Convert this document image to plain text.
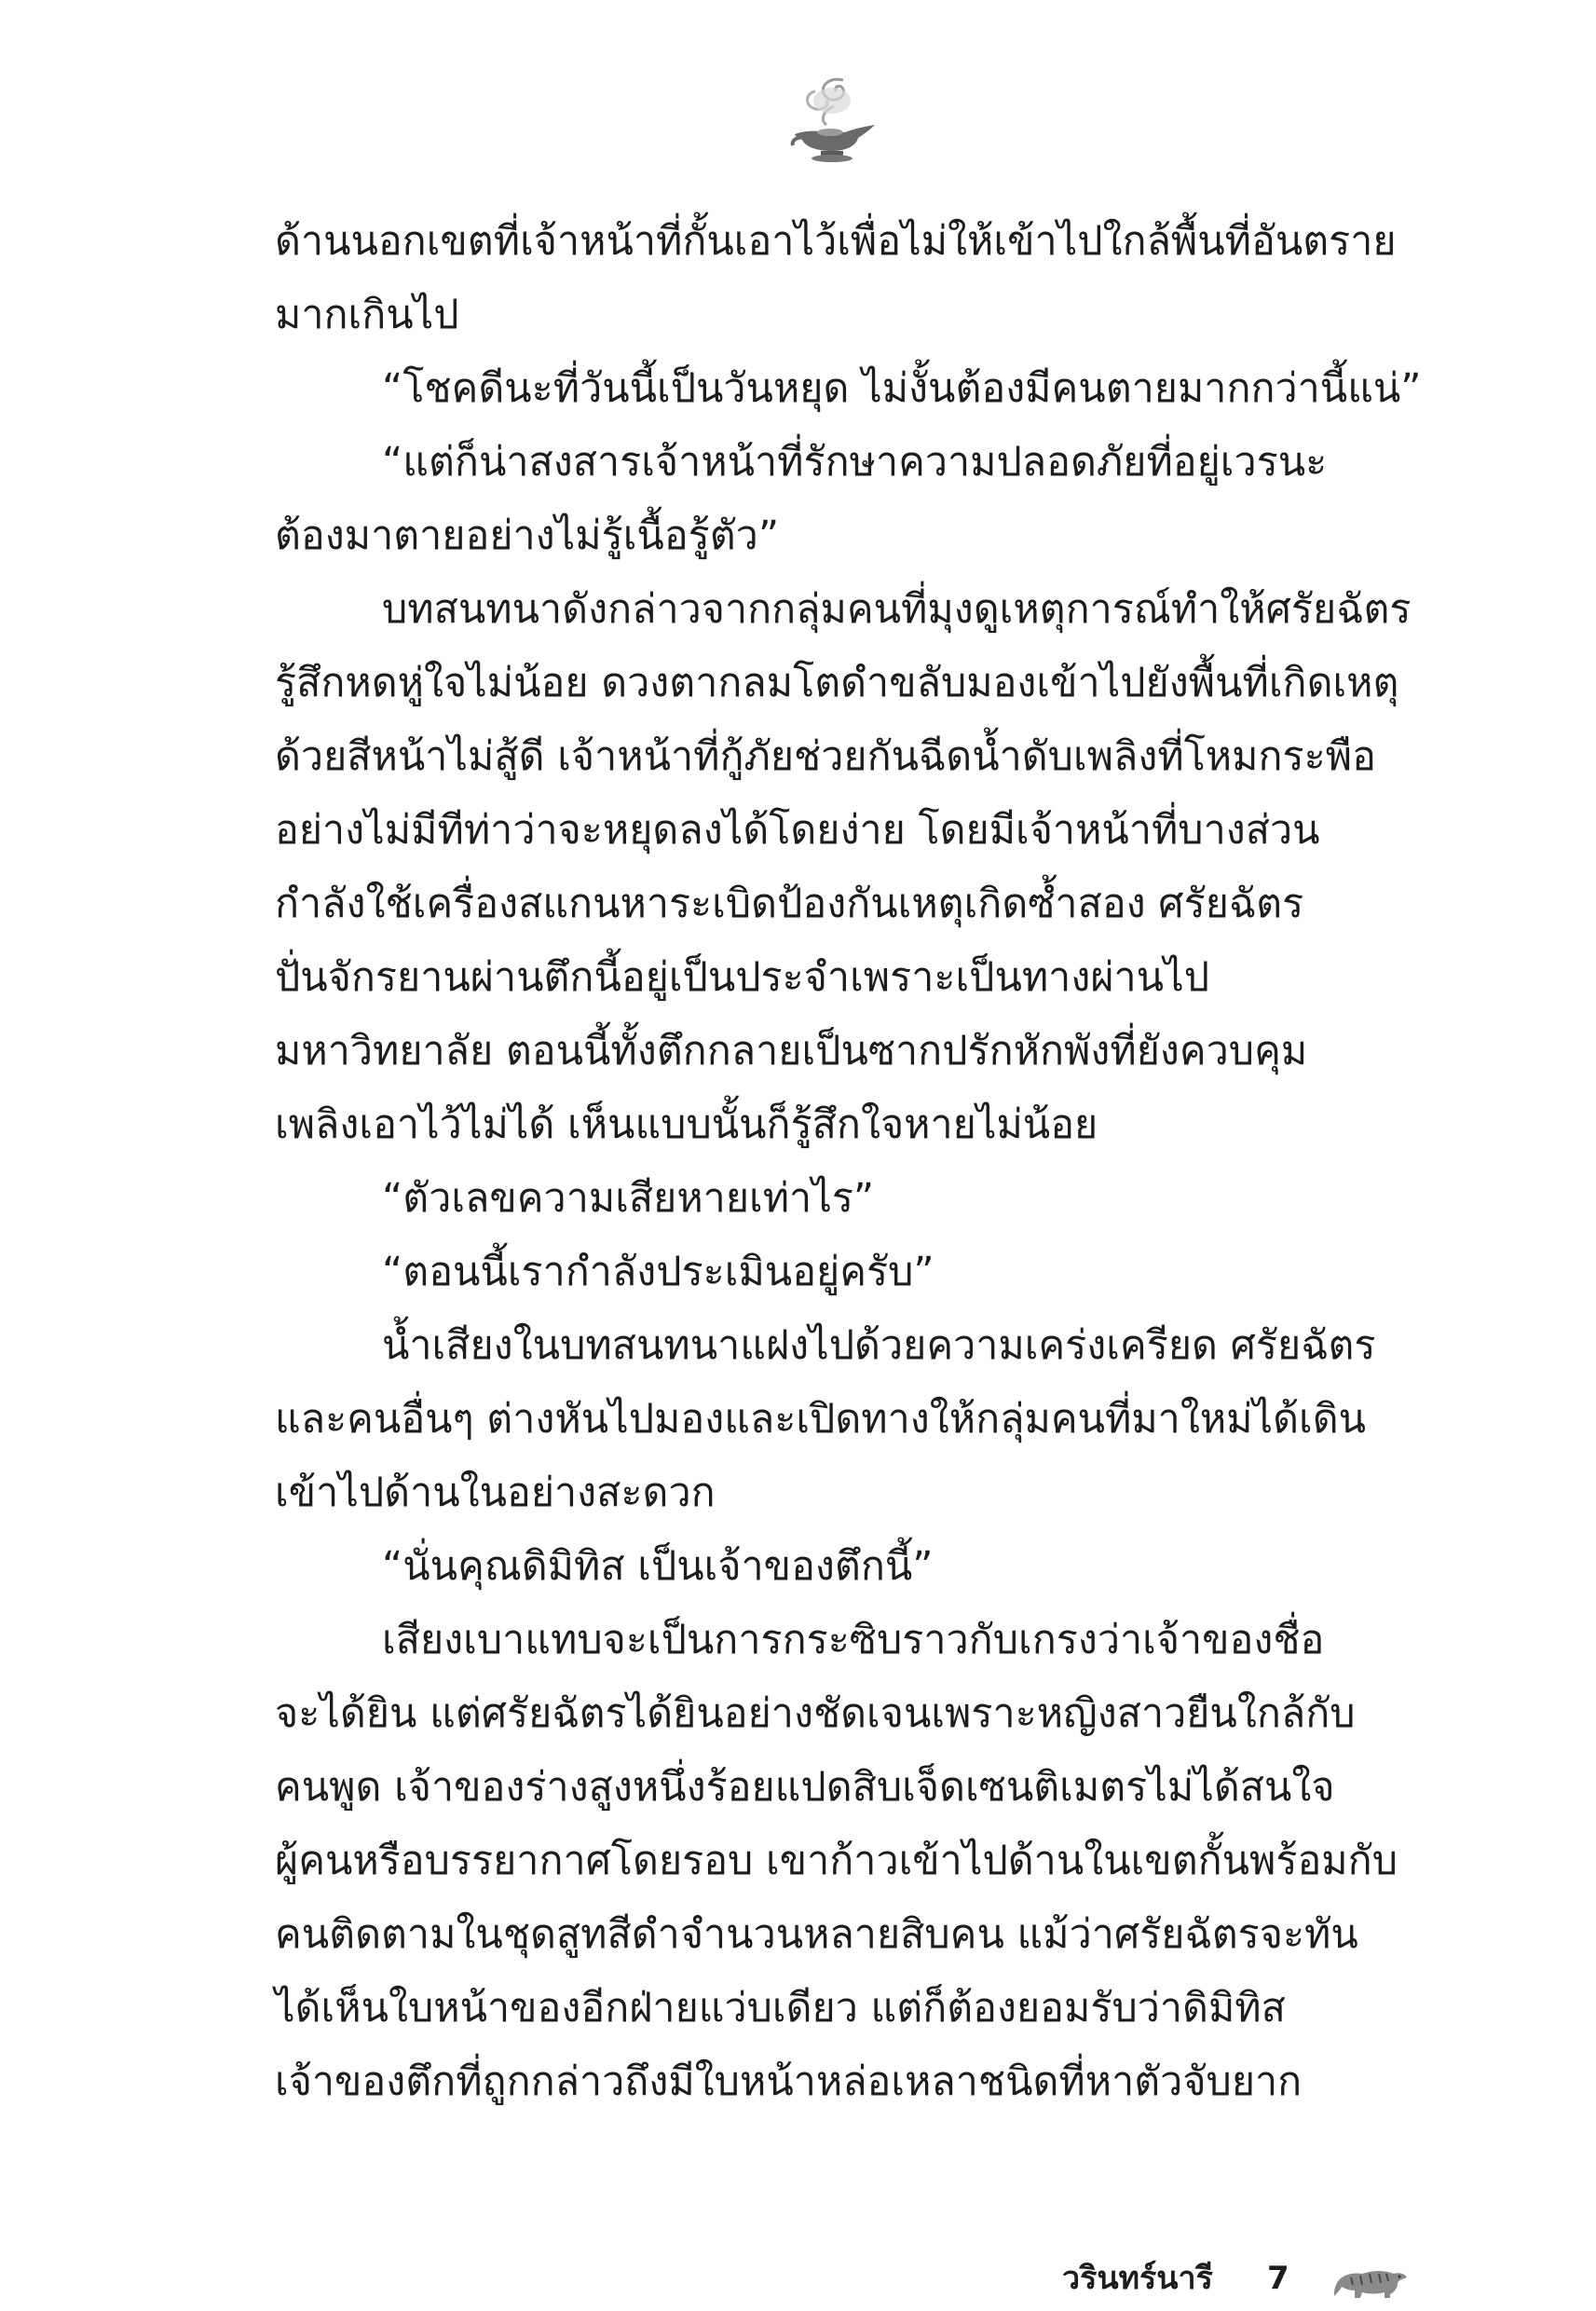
ด้านนอกเขตที่เจ้าหน้าที่กั้นเอาไว้เพื่อไม่ให้เข้าไปใกล้พื้นที่อันตราย
มากเกินไป
“โชคดีนะที่วันนี้เป็นวันหยุด ไม่งั้นต้องมีคนตายมากกว่านี้แน่”
“แต่ก็น่าสงสารเจ้าหน้าที่รักษาความปลอดภัยที่อยู่เวรนะ
ต้องมาตายอย่างไม่รู้เนื้อรู้ตัว”
บทสนทนาดังกล่าวจากกลุ่มคนที่มุงดูเหตุการณ์ทำให้ศรัยฉัตร
รู้สึกหดหู่ใจไม่น้อย ดวงตากลมโตดำขลับมองเข้าไปยังพื้นที่เกิดเหตุ
ด้วยสีหน้าไม่สู้ดี เจ้าหน้าที่กู้ภัยช่วยกันฉีดน้ำดับเพลิงที่โหมกระพือ
อย่างไม่มีทีท่าว่าจะหยุดลงได้โดยง่าย โดยมีเจ้าหน้าที่บางส่วน
กำลังใช้เครื่องสแกนหาระเบิดป้องกันเหตุเกิดซ้ำสอง ศรัยฉัตร
ปั่นจักรยานผ่านตึกนี้อยู่เป็นประจำเพราะเป็นทางผ่านไป
มหาวิทยาลัย ตอนนี้ทั้งตึกกลายเป็นซากปรักหักพังที่ยังควบคุม
เพลิงเอาไว้ไม่ได้ เห็นแบบนั้นก็รู้สึกใจหายไม่น้อย
“ตัวเลขความเสียหายเท่าไร”
“ตอนนี้เรากำลังประเมินอยู่ครับ”
น้ำเสียงในบทสนทนาแฝงไปด้วยความเคร่งเครียด ศรัยฉัตร
และคนอื่นๆ ต่างหันไปมองและเปิดทางให้กลุ่มคนที่มาใหม่ได้เดิน
เข้าไปด้านในอย่างสะดวก
“นั่นคุณดิมิทิส เป็นเจ้าของตึกนี้”
เสียงเบาแทบจะเป็นการกระซิบราวกับเกรงว่าเจ้าของชื่อ
จะได้ยิน แต่ศรัยฉัตรได้ยินอย่างชัดเจนเพราะหญิงสาวยืนใกล้กับ
คนพูด เจ้าของร่างสูงหนึ่งร้อยแปดสิบเจ็ดเซนติเมตรไม่ได้สนใจ
ผู้คนหรือบรรยากาศโดยรอบ เขาก้าวเข้าไปด้านในเขตกั้นพร้อมกับ
คนติดตามในชุดสูทสีดำจำนวนหลายสิบคน แม้ว่าศรัยฉัตรจะทัน
ได้เห็นใบหน้าของอีกฝ่ายแว่บเดียว แต่ก็ต้องยอมรับว่าดิมิทิส
เจ้าของตึกที่ถูกกล่าวถึงมีใบหน้าหล่อเหลาชนิดที่หาตัวจับยาก
วรินทร์นารี 7
